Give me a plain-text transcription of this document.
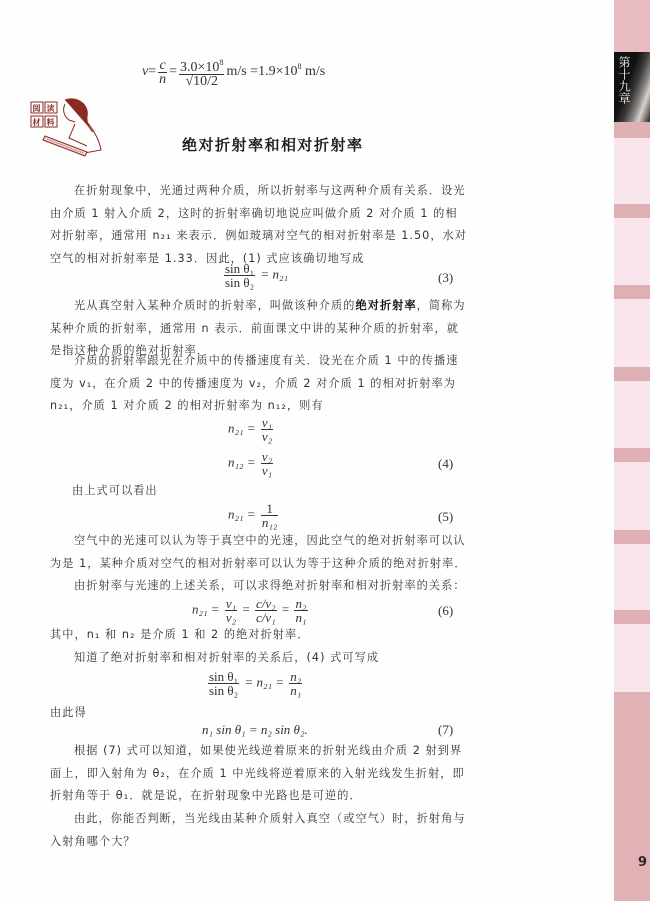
$v= \frac{c}{n} = \frac{3.0\times 10^8}{√10/2} m/s =1.9\times 10^8$ m/s
阅 读
材 料
绝对折射率和相对折射率
在折射现象中，光通过两种介质，所以折射率与这两种介质有关系．设光由介质 1 射入介质 2，这时的折射率确切地说应叫做介质 2 对介质 1 的相对折射率，通常用 n₂₁ 来表示．例如玻璃对空气的相对折射率是 1.50，水对空气的相对折射率是 1.33．因此，(1) 式应该确切地写成
$\frac{\text{sin θ₁}}{\text{sin θ₂}} = n_{21}$	(3)
光从真空射入某种介质时的折射率，叫做该种介质的绝对折射率，简称为某种介质的折射率，通常用 n 表示．前面课文中讲的某种介质的折射率，就是指这种介质的绝对折射率．
介质的折射率跟光在介质中的传播速度有关．设光在介质 1 中的传播速度为 v₁，在介质 2 中的传播速度为 v₂，介质 2 对介质 1 的相对折射率为 n₂₁，介质 1 对介质 2 的相对折射率为 n₁₂，则有
$n_{21} = \frac{\text{v₁}}{\text{v₂}}$
$n_{12} = \frac{\text{v₂}}{\text{v₁}}$	(4)
由上式可以看出
$n_{21} = \frac{1}{\text{n₁₂}}$	(5)
空气中的光速可以认为等于真空中的光速，因此空气的绝对折射率可以认为是 1，某种介质对空气的相对折射率可以认为等于这种介质的绝对折射率．
由折射率与光速的上述关系，可以求得绝对折射率和相对折射率的关系：
$n_{21} = \frac{\text{v₁}}{\text{v₂}} = \frac{\text{c/v₂}}{\text{c/v₁}} = \frac{\text{n₂}}{\text{n₁}}$	(6)
其中，n₁ 和 n₂ 是介质 1 和 2 的绝对折射率．
知道了绝对折射率和相对折射率的关系后，(4) 式可写成
$\frac{\text{sin θ₁}}{\text{sin θ₂}} = n_{21} = \frac{\text{n₂}}{\text{n₁}}$
由此得
n₁ sin θ₁ = n₂ sin θ₂.	(7)
根据 (7) 式可以知道，如果使光线逆着原来的折射光线由介质 2 射到界面上，即入射角为 θ₂，在介质 1 中光线将逆着原来的入射光线发生折射，即折射角等于 θ₁．就是说，在折射现象中光路也是可逆的．
由此，你能否判断，当光线由某种介质射入真空（或空气）时，折射角与入射角哪个大？
第十九章
9
